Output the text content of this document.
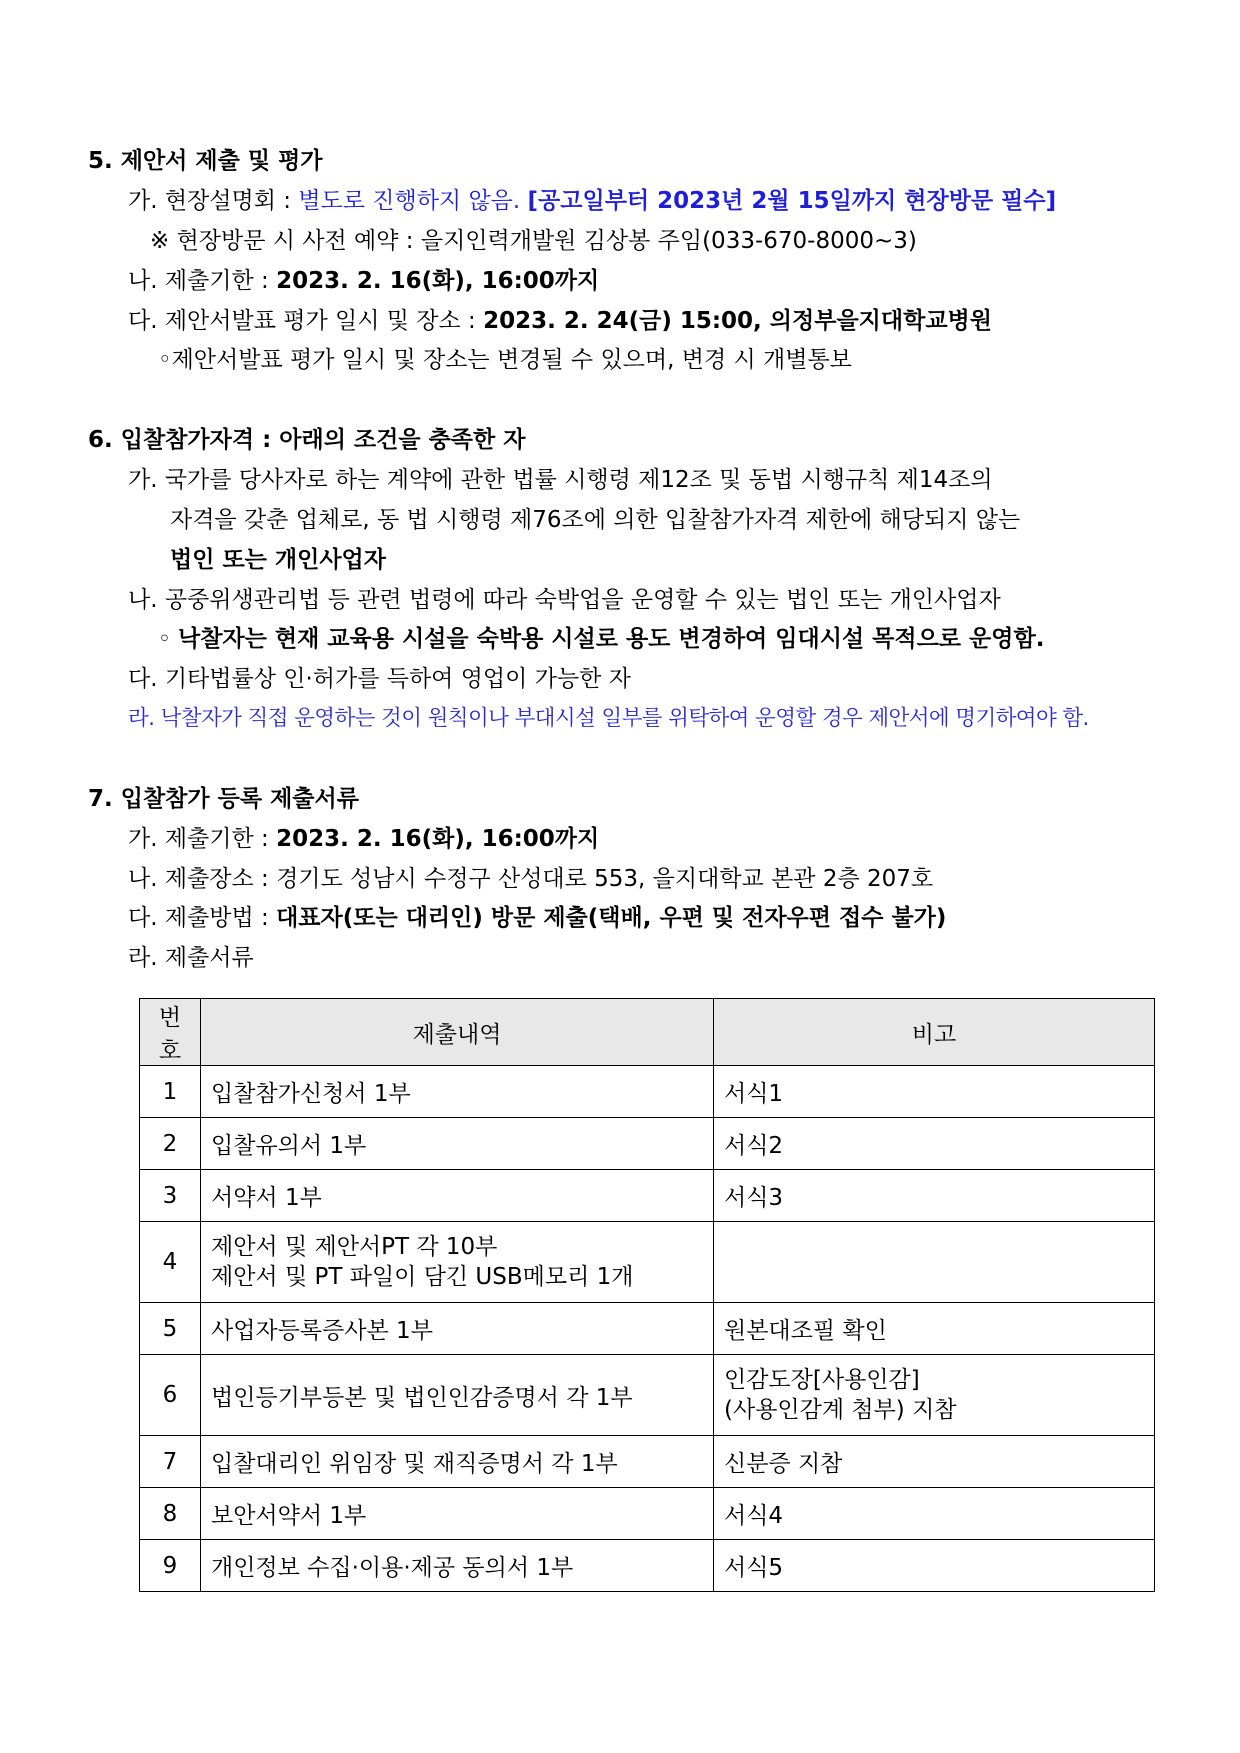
5. 제안서 제출 및 평가
가. 현장설명회 : 별도로 진행하지 않음. [공고일부터 2023년 2월 15일까지 현장방문 필수]
※ 현장방문 시 사전 예약 : 을지인력개발원 김상봉 주임(033-670-8000~3)
나. 제출기한 : 2023. 2. 16(화), 16:00까지
다. 제안서발표 평가 일시 및 장소 : 2023. 2. 24(금) 15:00, 의정부을지대학교병원
◦제안서발표 평가 일시 및 장소는 변경될 수 있으며, 변경 시 개별통보
6. 입찰참가자격 : 아래의 조건을 충족한 자
가. 국가를 당사자로 하는 계약에 관한 법률 시행령 제12조 및 동법 시행규칙 제14조의
자격을 갖춘 업체로, 동 법 시행령 제76조에 의한 입찰참가자격 제한에 해당되지 않는
법인 또는 개인사업자
나. 공중위생관리법 등 관련 법령에 따라 숙박업을 운영할 수 있는 법인 또는 개인사업자
◦ 낙찰자는 현재 교육용 시설을 숙박용 시설로 용도 변경하여 임대시설 목적으로 운영함.
다. 기타법률상 인·허가를 득하여 영업이 가능한 자
라. 낙찰자가 직접 운영하는 것이 원칙이나 부대시설 일부를 위탁하여 운영할 경우 제안서에 명기하여야 함.
7. 입찰참가 등록 제출서류
가. 제출기한 : 2023. 2. 16(화), 16:00까지
나. 제출장소 : 경기도 성남시 수정구 산성대로 553, 을지대학교 본관 2층 207호
다. 제출방법 : 대표자(또는 대리인) 방문 제출(택배, 우편 및 전자우편 접수 불가)
라. 제출서류
번호	제출내역	비고
1	입찰참가신청서 1부	서식1
2	입찰유의서 1부	서식2
3	서약서 1부	서식3
4	제안서 및 제안서PT 각 10부
제안서 및 PT 파일이 담긴 USB메모리 1개	

5	사업자등록증사본 1부	원본대조필 확인
6	법인등기부등본 및 법인인감증명서 각 1부	인감도장[사용인감]
(사용인감계 첨부) 지참

7	입찰대리인 위임장 및 재직증명서 각 1부	신분증 지참
8	보안서약서 1부	서식4
9	개인정보 수집·이용·제공 동의서 1부	서식5
